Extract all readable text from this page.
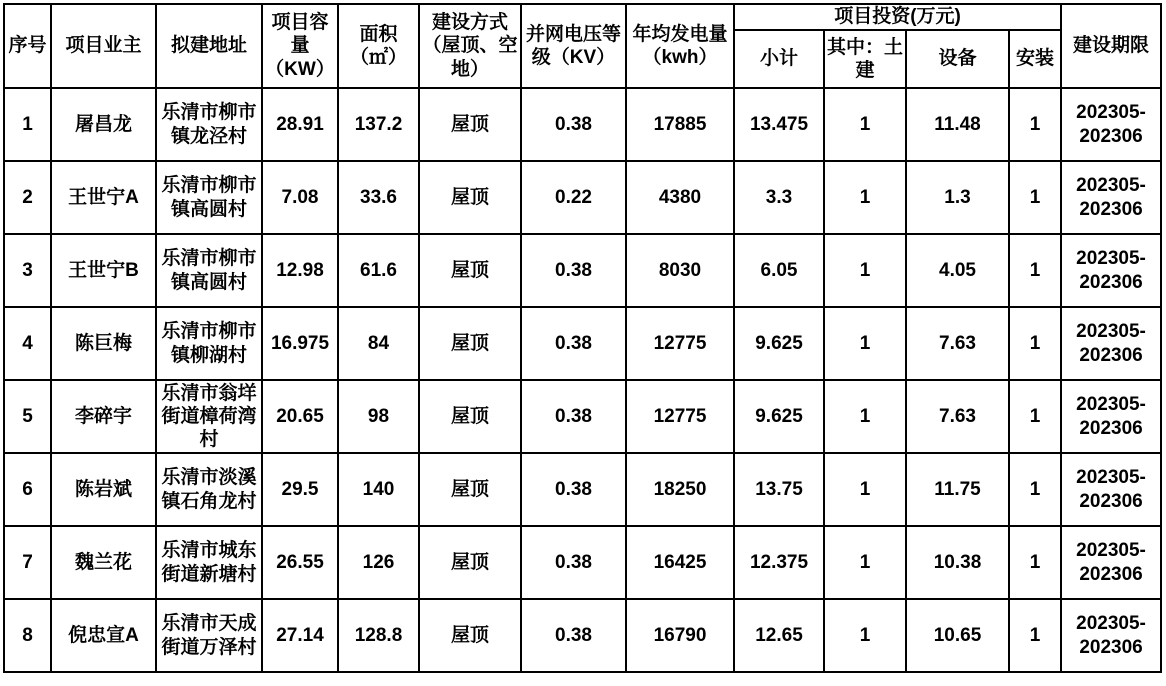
序号	项目业主	拟建地址	项目容量（KW）	面积（㎡）	建设方式（屋顶、空地）	并网电压等级（KV）	年均发电量（kwh）	项目投资(万元)				建设期限
								小计	其中：土建	设备	安装	
1	屠昌龙	乐清市柳市镇龙泾村	28.91	137.2	屋顶	0.38	17885	13.475	1	11.48	1	202305-202306
2	王世宁A	乐清市柳市镇高圆村	7.08	33.6	屋顶	0.22	4380	3.3	1	1.3	1	202305-202306
3	王世宁B	乐清市柳市镇高圆村	12.98	61.6	屋顶	0.38	8030	6.05	1	4.05	1	202305-202306
4	陈巨梅	乐清市柳市镇柳湖村	16.975	84	屋顶	0.38	12775	9.625	1	7.63	1	202305-202306
5	李碎宇	乐清市翁垟街道樟荷湾村	20.65	98	屋顶	0.38	12775	9.625	1	7.63	1	202305-202306
6	陈岩斌	乐清市淡溪镇石角龙村	29.5	140	屋顶	0.38	18250	13.75	1	11.75	1	202305-202306
7	魏兰花	乐清市城东街道新塘村	26.55	126	屋顶	0.38	16425	12.375	1	10.38	1	202305-202306
8	倪忠宣A	乐清市天成街道万泽村	27.14	128.8	屋顶	0.38	16790	12.65	1	10.65	1	202305-202306
